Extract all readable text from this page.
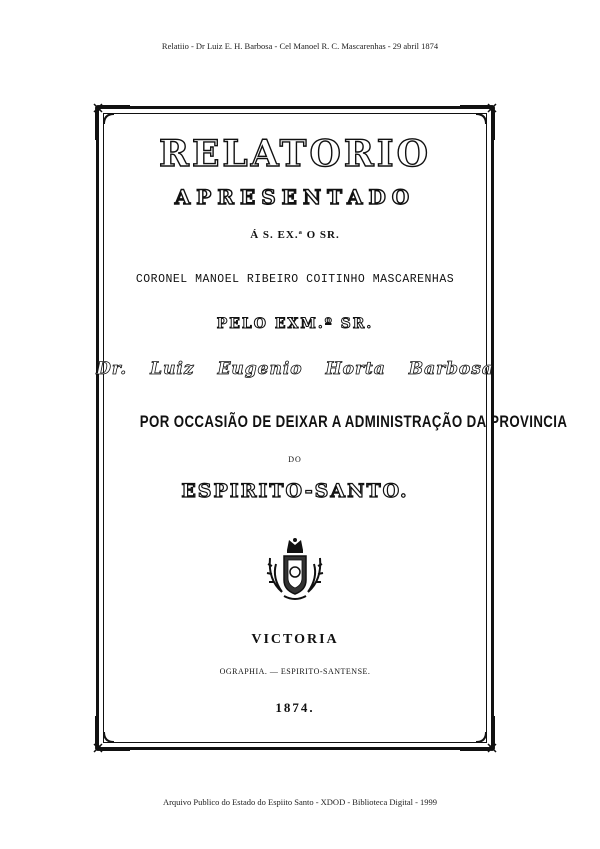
Relatiio - Dr Luiz E. H. Barbosa - Cel Manoel R. C. Mascarenhas - 29 abril 1874
RELATORIO
APRESENTADO
Á S. EX.ª O SR.
CORONEL MANOEL RIBEIRO COITINHO MASCARENHAS
PELO EXM.º SR.
Dr. Luiz Eugenio Horta Barbosa
POR OCCASIÃO DE DEIXAR A ADMINISTRAÇÃO DA PROVINCIA
DO
ESPIRITO-SANTO.
VICTORIA
OGRAPHIA. — ESPIRITO-SANTENSE.
1874.
Arquivo Publico do Estado do Espiito Santo - XDOD - Biblioteca Digital - 1999
